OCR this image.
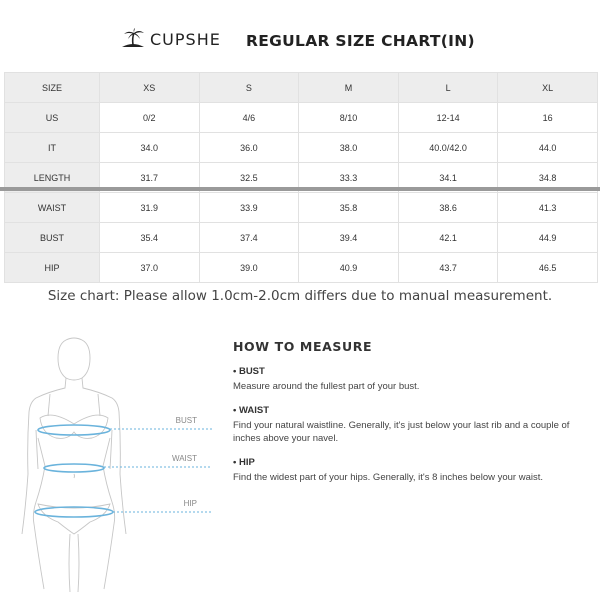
CUPSHE REGULAR SIZE CHART(IN)
SIZE	XS	S	M	L	XL
US	0/2	4/6	8/10	12-14	16
IT	34.0	36.0	38.0	40.0/42.0	44.0
LENGTH	31.7	32.5	33.3	34.1	34.8
WAIST	31.9	33.9	35.8	38.6	41.3
BUST	35.4	37.4	39.4	42.1	44.9
HIP	37.0	39.0	40.9	43.7	46.5
Size chart: Please allow 1.0cm-2.0cm differs due to manual measurement.
BUST
WAIST
HIP
HOW TO MEASURE
• BUST
Measure around the fullest part of your bust.
• WAIST
Find your natural waistline. Generally, it's just below your last rib and a couple of inches above your navel.
• HIP
Find the widest part of your hips. Generally, it's 8 inches below your waist.
